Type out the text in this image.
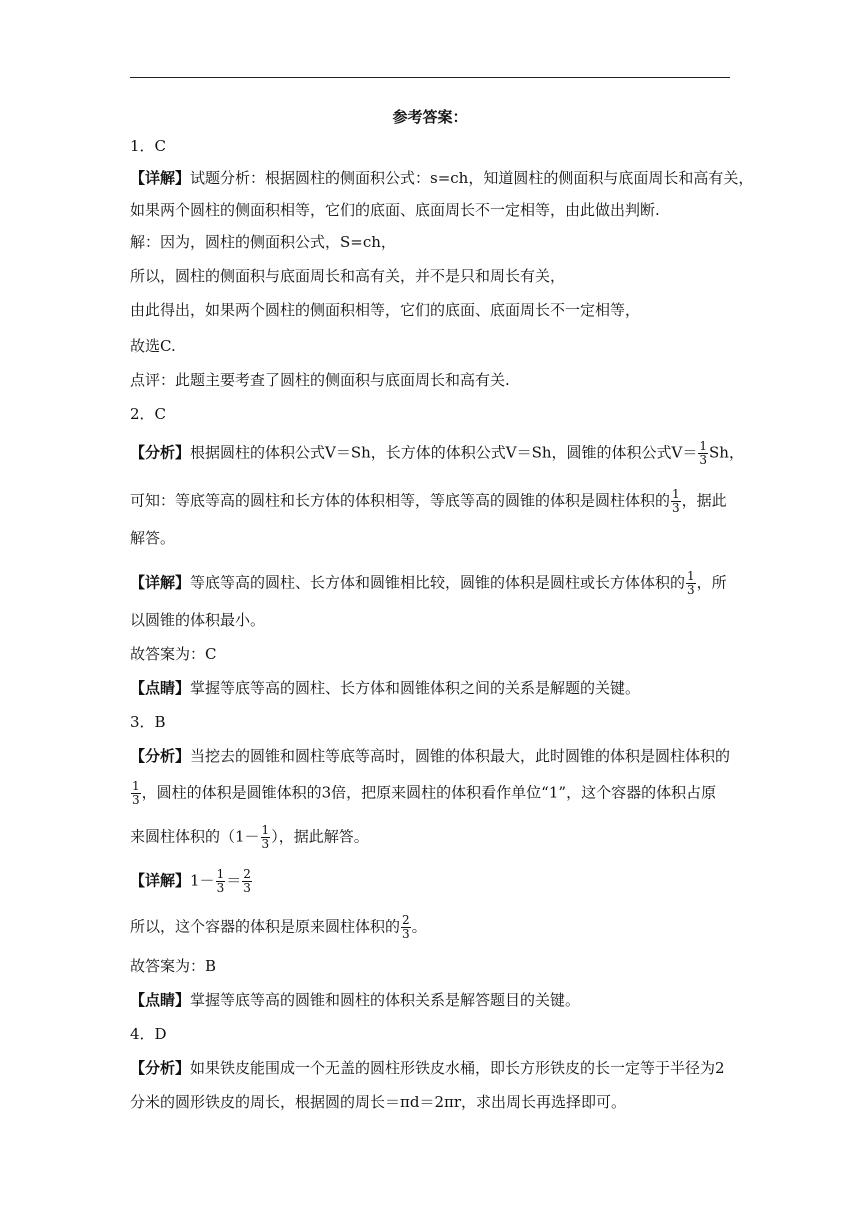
参考答案：
1．C
【详解】试题分析：根据圆柱的侧面积公式：s=ch，知道圆柱的侧面积与底面周长和高有关，
如果两个圆柱的侧面积相等，它们的底面、底面周长不一定相等，由此做出判断.
解：因为，圆柱的侧面积公式，S=ch，
所以，圆柱的侧面积与底面周长和高有关，并不是只和周长有关，
由此得出，如果两个圆柱的侧面积相等，它们的底面、底面周长不一定相等，
故选C.
点评：此题主要考查了圆柱的侧面积与底面周长和高有关.
2．C
【分析】根据圆柱的体积公式V＝Sh，长方体的体积公式V＝Sh，圆锥的体积公式$V= \frac{1}{3}$ Sh，
可知：等底等高的圆柱和长方体的体积相等，等底等高的圆锥的体积是圆柱体积的 $\frac{1}{3}$ ，据此
解答。
【详解】等底等高的圆柱、长方体和圆锥相比较，圆锥的体积是圆柱或长方体体积的 $\frac{1}{3}$ ，所
以圆锥的体积最小。
故答案为：C
【点睛】掌握等底等高的圆柱、长方体和圆锥体积之间的关系是解题的关键。
3．B
【分析】当挖去的圆锥和圆柱等底等高时，圆锥的体积最大，此时圆锥的体积是圆柱体积的
$\frac{1}{3}$ ，圆柱的体积是圆锥体积的3倍，把原来圆柱的体积看作单位“1”，这个容器的体积占原
来圆柱体积的（$1- \frac{1}{3}$ ），据此解答。
【详解】$1- \frac{1}{3} = \frac{2}{3}$
所以，这个容器的体积是原来圆柱体积的 $\frac{2}{3}$ 。
故答案为：B
【点睛】掌握等底等高的圆锥和圆柱的体积关系是解答题目的关键。
4．D
【分析】如果铁皮能围成一个无盖的圆柱形铁皮水桶，即长方形铁皮的长一定等于半径为2
分米的圆形铁皮的周长，根据圆的周长＝πd＝2πr，求出周长再选择即可。
